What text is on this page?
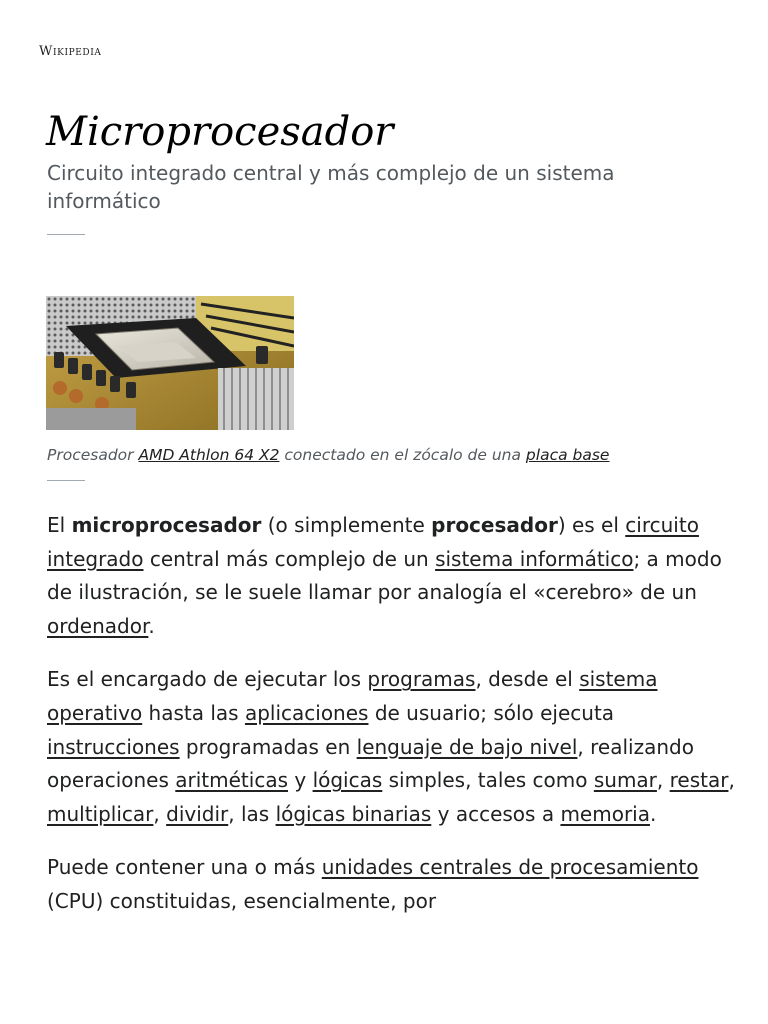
Wikipedia
Microprocesador
Circuito integrado central y más complejo de un sistema informático
Procesador AMD Athlon 64 X2 conectado en el zócalo de una placa base

El microprocesador (o simplemente procesador) es el circuito integrado central más complejo de un sistema informático; a modo de ilustración, se le suele llamar por analogía el «cerebro» de un ordenador.

Es el encargado de ejecutar los programas, desde el sistema operativo hasta las aplicaciones de usuario; sólo ejecuta instrucciones programadas en lenguaje de bajo nivel, realizando operaciones aritméticas y lógicas simples, tales como sumar, restar, multiplicar, dividir, las lógicas binarias y accesos a memoria.

Puede contener una o más unidades centrales de procesamiento (CPU) constituidas, esencialmente, por
